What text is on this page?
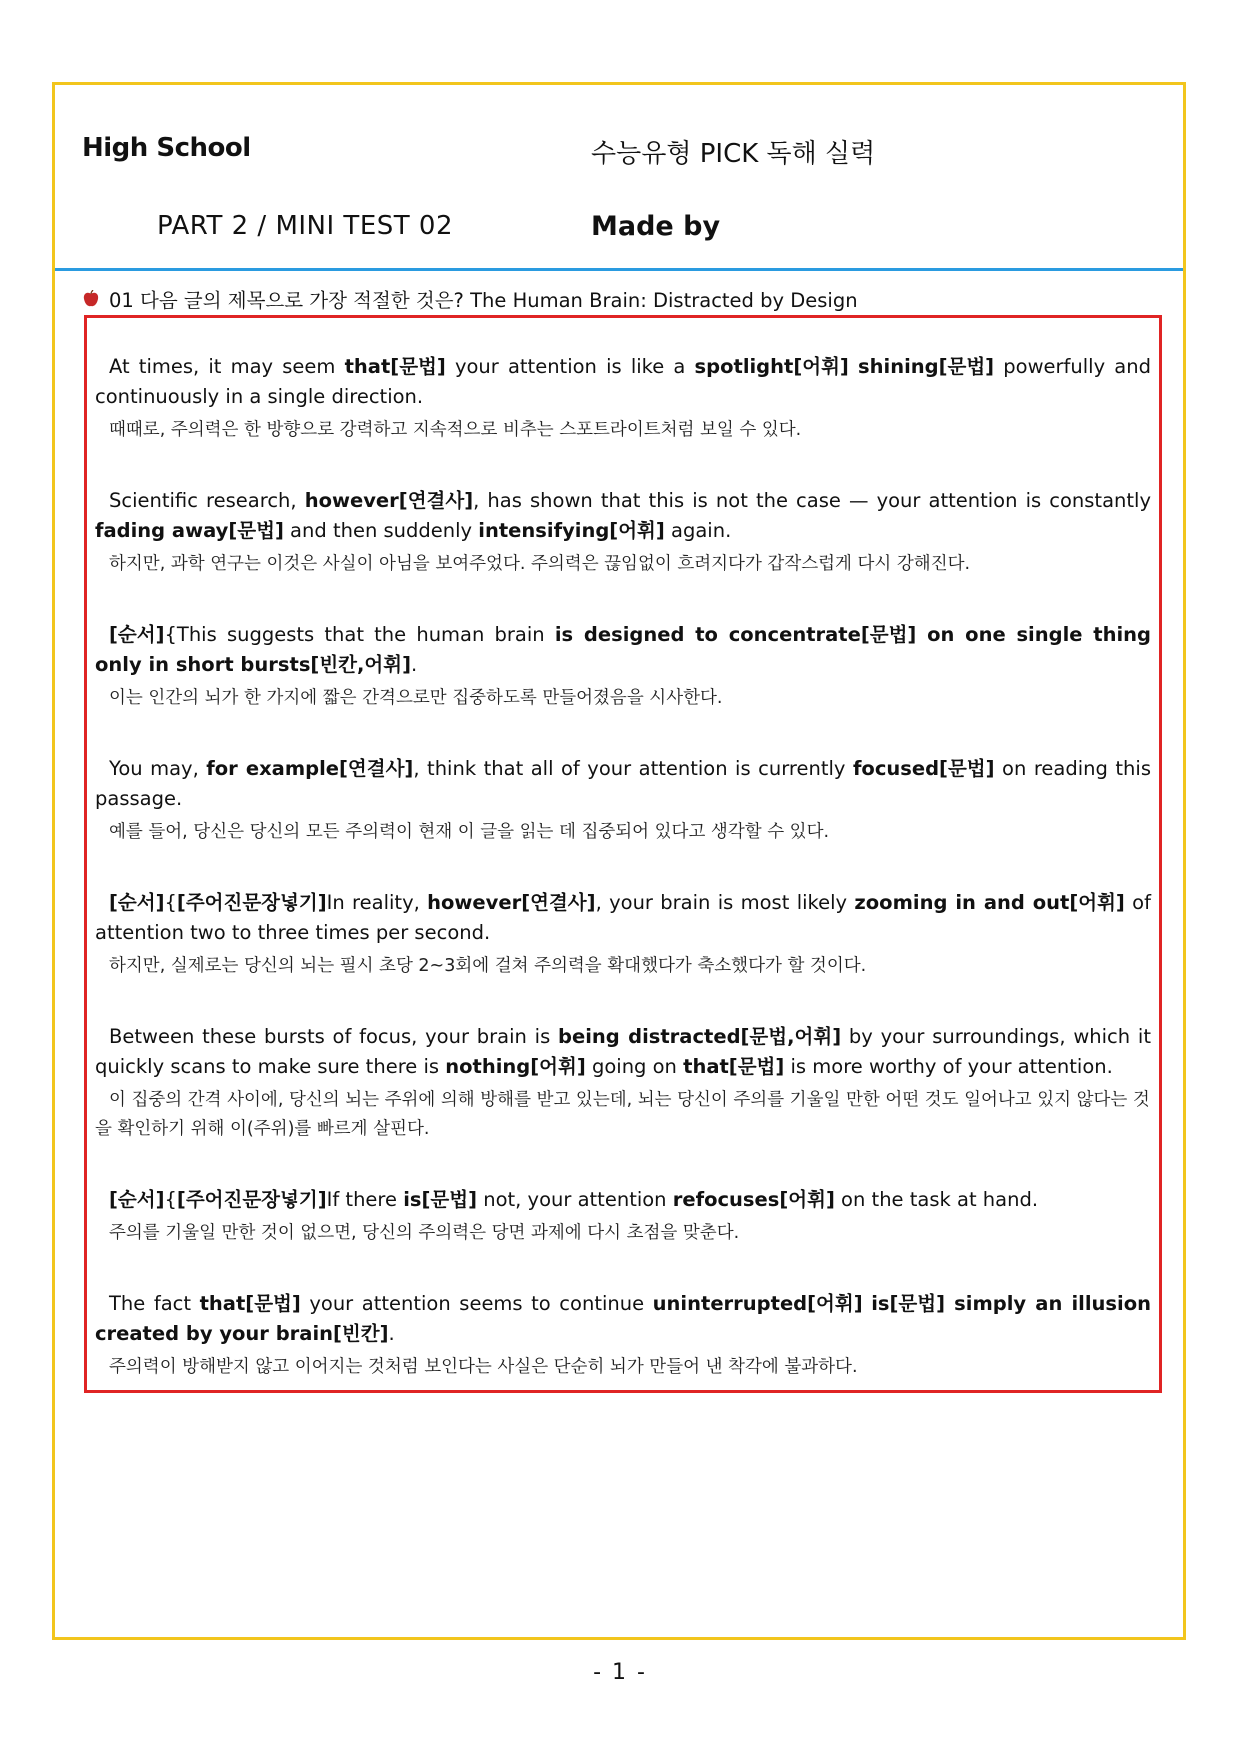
High School	수능유형 PICK 독해 실력
PART 2 / MINI TEST 02	Made by
01 다음 글의 제목으로 가장 적절한 것은? The Human Brain: Distracted by Design
At times, it may seem that[문법] your attention is like a spotlight[어휘] shining[문법] powerfully and continuously in a single direction.
때때로, 주의력은 한 방향으로 강력하고 지속적으로 비추는 스포트라이트처럼 보일 수 있다.
Scientific research, however[연결사], has shown that this is not the case — your attention is constantly fading away[문법] and then suddenly intensifying[어휘] again.
하지만, 과학 연구는 이것은 사실이 아님을 보여주었다. 주의력은 끊임없이 흐려지다가 갑작스럽게 다시 강해진다.
[순서]{This suggests that the human brain is designed to concentrate[문법] on one single thing only in short bursts[빈칸,어휘].
이는 인간의 뇌가 한 가지에 짧은 간격으로만 집중하도록 만들어졌음을 시사한다.
You may, for example[연결사], think that all of your attention is currently focused[문법] on reading this passage.
예를 들어, 당신은 당신의 모든 주의력이 현재 이 글을 읽는 데 집중되어 있다고 생각할 수 있다.
[순서]{[주어진문장넣기]In reality, however[연결사], your brain is most likely zooming in and out[어휘] of attention two to three times per second.
하지만, 실제로는 당신의 뇌는 필시 초당 2~3회에 걸쳐 주의력을 확대했다가 축소했다가 할 것이다.
Between these bursts of focus, your brain is being distracted[문법,어휘] by your surroundings, which it quickly scans to make sure there is nothing[어휘] going on that[문법] is more worthy of your attention.
이 집중의 간격 사이에, 당신의 뇌는 주위에 의해 방해를 받고 있는데, 뇌는 당신이 주의를 기울일 만한 어떤 것도 일어나고 있지 않다는 것을 확인하기 위해 이(주위)를 빠르게 살핀다.
[순서]{[주어진문장넣기]If there is[문법] not, your attention refocuses[어휘] on the task at hand.
주의를 기울일 만한 것이 없으면, 당신의 주의력은 당면 과제에 다시 초점을 맞춘다.
The fact that[문법] your attention seems to continue uninterrupted[어휘] is[문법] simply an illusion created by your brain[빈칸].
주의력이 방해받지 않고 이어지는 것처럼 보인다는 사실은 단순히 뇌가 만들어 낸 착각에 불과하다.
- 1 -
